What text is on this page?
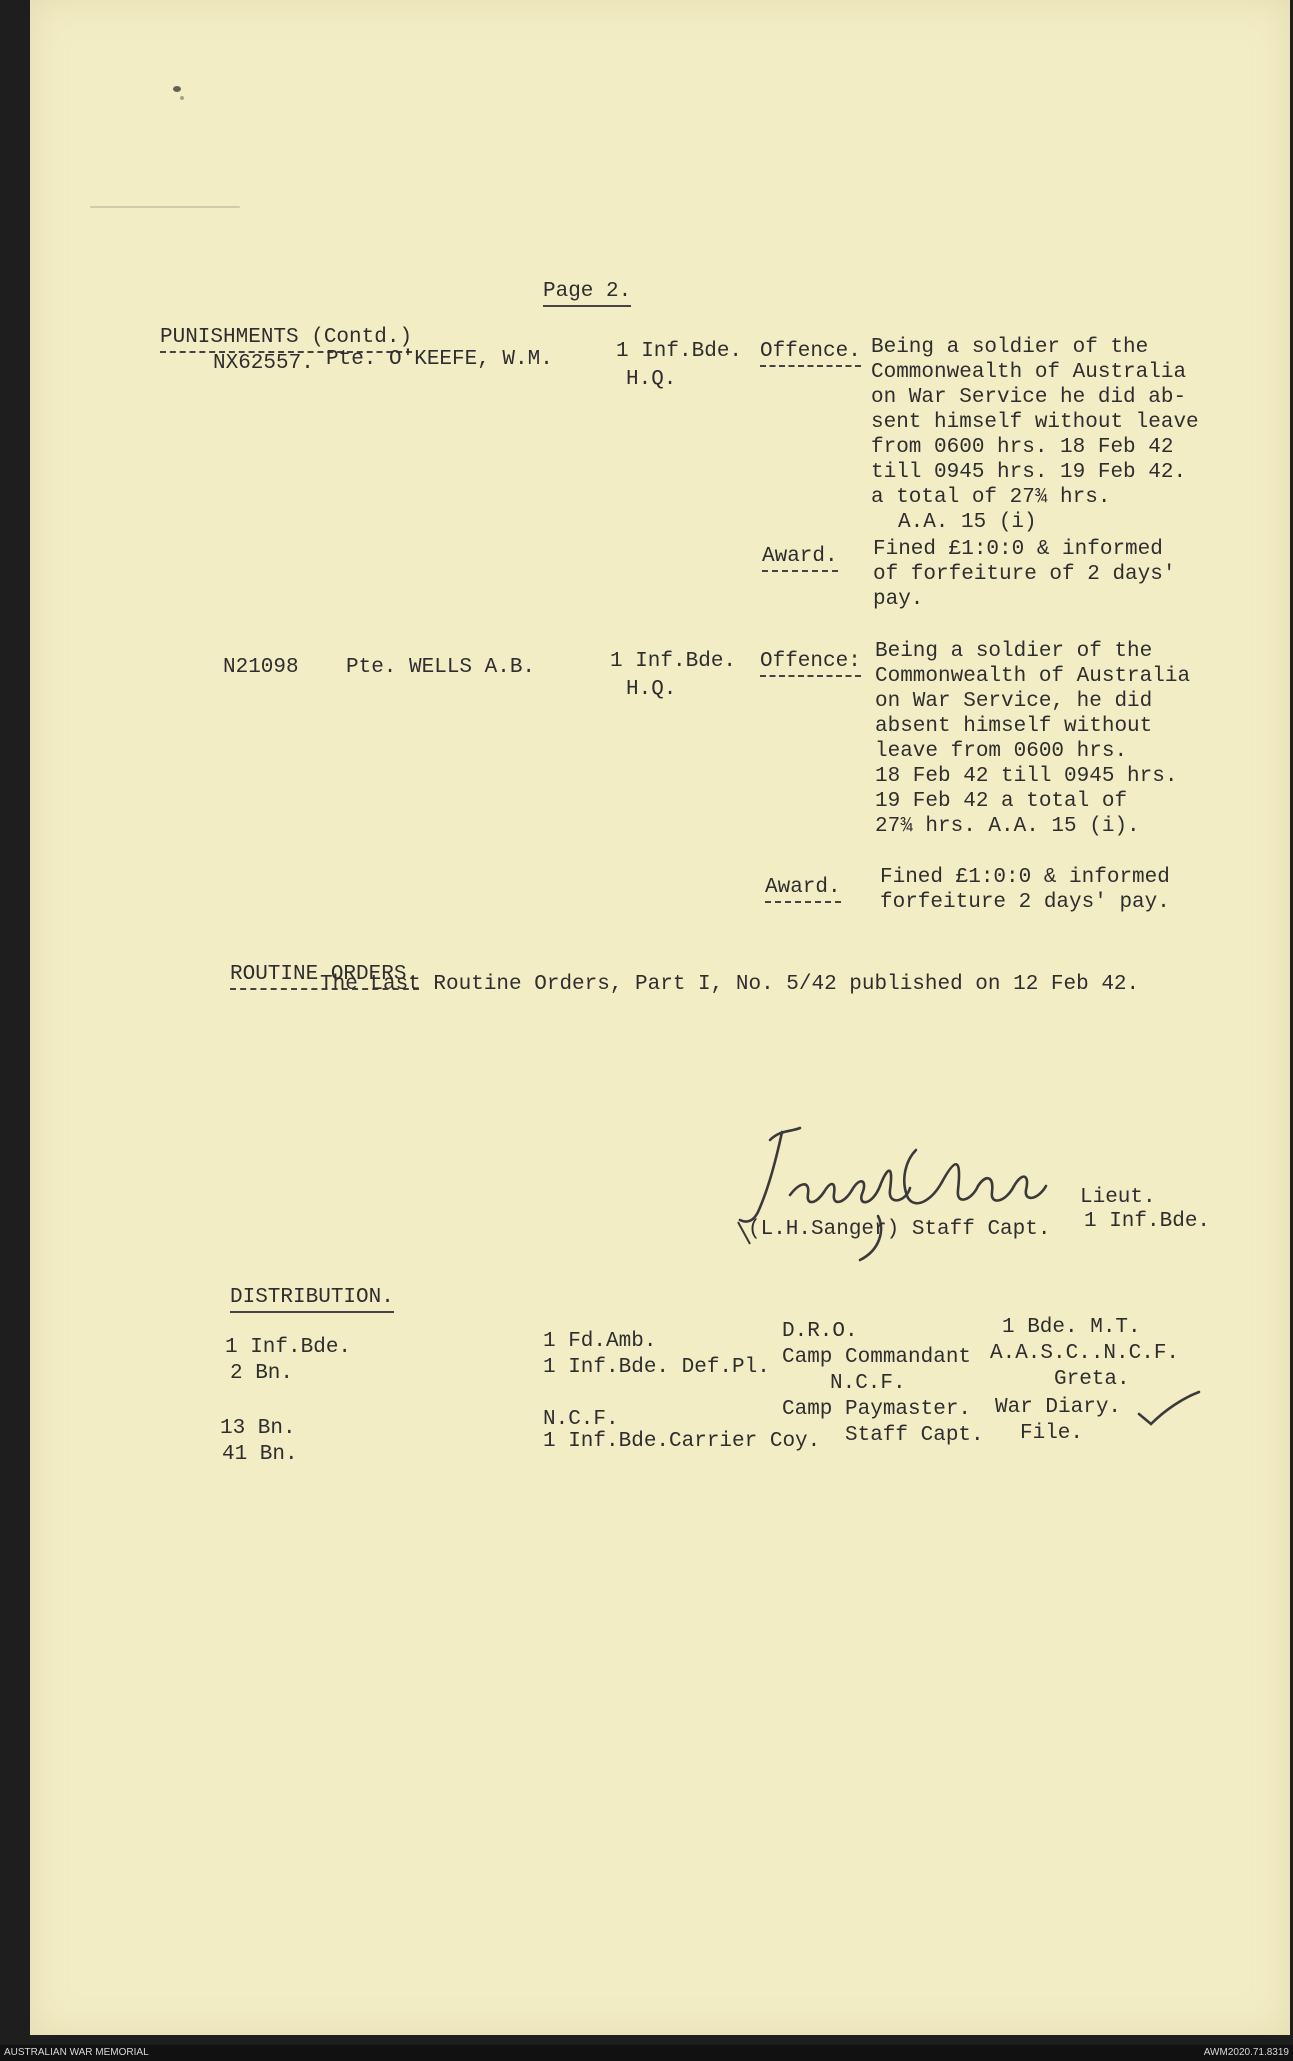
Page 2.
PUNISHMENTS (Contd.)
NX62557. Pte. O'KEEFE, W.M.	1 Inf.Bde.
H.Q.
Offence. Being a soldier of the
Commonwealth of Australia
on War Service he did ab-
sent himself without leave
from 0600 hrs. 18 Feb 42
till 0945 hrs. 19 Feb 42.
a total of 27¾ hrs.
A.A. 15 (i)
Award. Fined £1:0:0 & informed
of forfeiture of 2 days'
pay.
N21098 Pte. WELLS A.B.	1 Inf.Bde.
H.Q.
Offence: Being a soldier of the
Commonwealth of Australia
on War Service, he did
absent himself without
leave from 0600 hrs.
18 Feb 42 till 0945 hrs.
19 Feb 42 a total of
27¾ hrs. A.A. 15 (i).
Award. Fined £1:0:0 & informed
forfeiture 2 days' pay.
ROUTINE ORDERS.
The Last Routine Orders, Part I, No. 5/42 published on 12 Feb 42.
Lieut.
(L.H.Sanger) Staff Capt. 1 Inf.Bde.
DISTRIBUTION.
1 Inf.Bde.
2 Bn.
13 Bn.
41 Bn.
1 Fd.Amb.
1 Inf.Bde. Def.Pl.
N.C.F.
1 Inf.Bde.Carrier Coy.
D.R.O.
Camp Commandant
N.C.F.
Camp Paymaster.
Staff Capt.
1 Bde. M.T.
A.A.S.C..N.C.F.
Greta.
War Diary.
File.
AUSTRALIAN WAR MEMORIAL	AWM2020.71.8319
